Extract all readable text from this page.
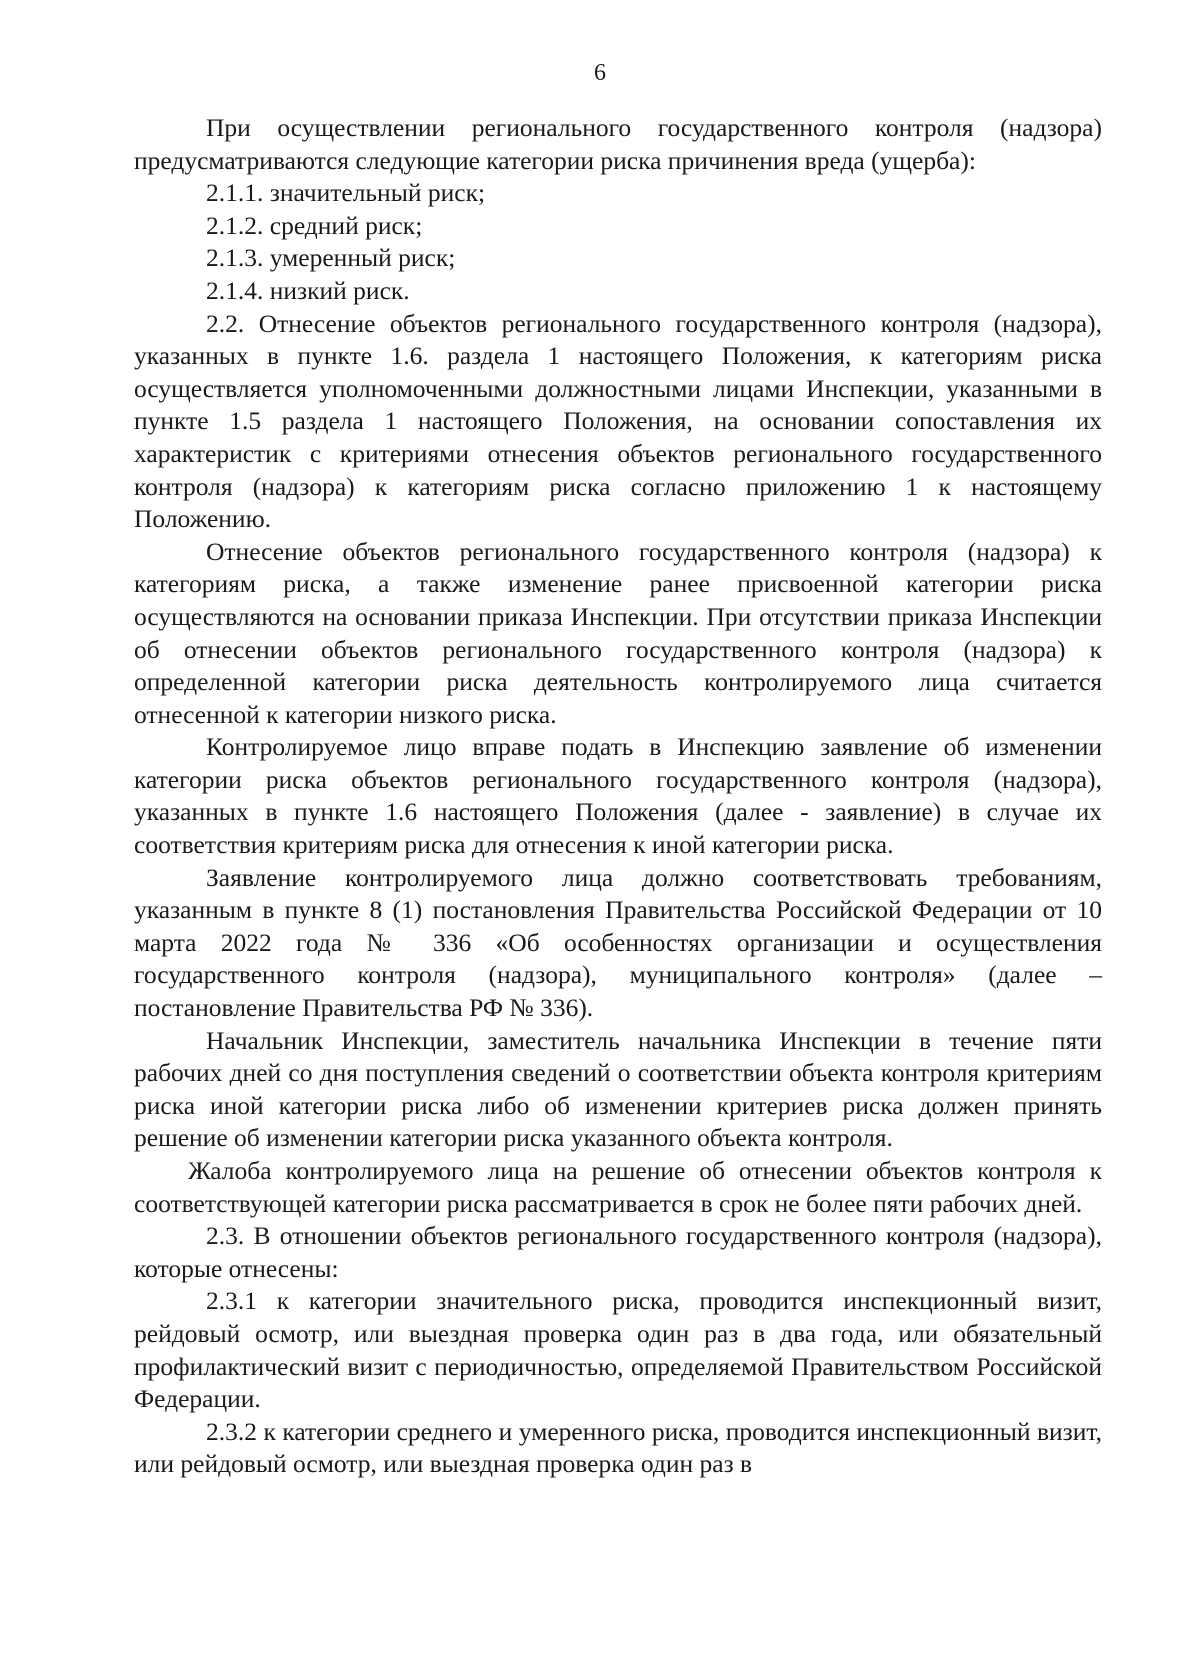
6

При осуществлении регионального государственного контроля (надзора) предусматриваются следующие категории риска причинения вреда (ущерба):

2.1.1. значительный риск;

2.1.2. средний риск;

2.1.3. умеренный риск;

2.1.4. низкий риск.

2.2. Отнесение объектов регионального государственного контроля (надзора), указанных в пункте 1.6. раздела 1 настоящего Положения, к категориям риска осуществляется уполномоченными должностными лицами Инспекции, указанными в пункте 1.5 раздела 1 настоящего Положения, на основании сопоставления их характеристик с критериями отнесения объектов регионального государственного контроля (надзора) к категориям риска согласно приложению 1 к настоящему Положению.

Отнесение объектов регионального государственного контроля (надзора) к категориям риска, а также изменение ранее присвоенной категории риска осуществляются на основании приказа Инспекции. При отсутствии приказа Инспекции об отнесении объектов регионального государственного контроля (надзора) к определенной категории риска деятельность контролируемого лица считается отнесенной к категории низкого риска.

Контролируемое лицо вправе подать в Инспекцию заявление об изменении категории риска объектов регионального государственного контроля (надзора), указанных в пункте 1.6 настоящего Положения (далее - заявление) в случае их соответствия критериям риска для отнесения к иной категории риска.

Заявление контролируемого лица должно соответствовать требованиям, указанным в пункте 8 (1) постановления Правительства Российской Федерации от 10 марта 2022 года № 336 «Об особенностях организации и осуществления государственного контроля (надзора), муниципального контроля» (далее – постановление Правительства РФ № 336).

Начальник Инспекции, заместитель начальника Инспекции в течение пяти рабочих дней со дня поступления сведений о соответствии объекта контроля критериям риска иной категории риска либо об изменении критериев риска должен принять решение об изменении категории риска указанного объекта контроля.

Жалоба контролируемого лица на решение об отнесении объектов контроля к соответствующей категории риска рассматривается в срок не более пяти рабочих дней.

2.3. В отношении объектов регионального государственного контроля (надзора), которые отнесены:

2.3.1 к категории значительного риска, проводится инспекционный визит, рейдовый осмотр, или выездная проверка один раз в два года, или обязательный профилактический визит с периодичностью, определяемой Правительством Российской Федерации.

2.3.2 к категории среднего и умеренного риска, проводится инспекционный визит, или рейдовый осмотр, или выездная проверка один раз в
